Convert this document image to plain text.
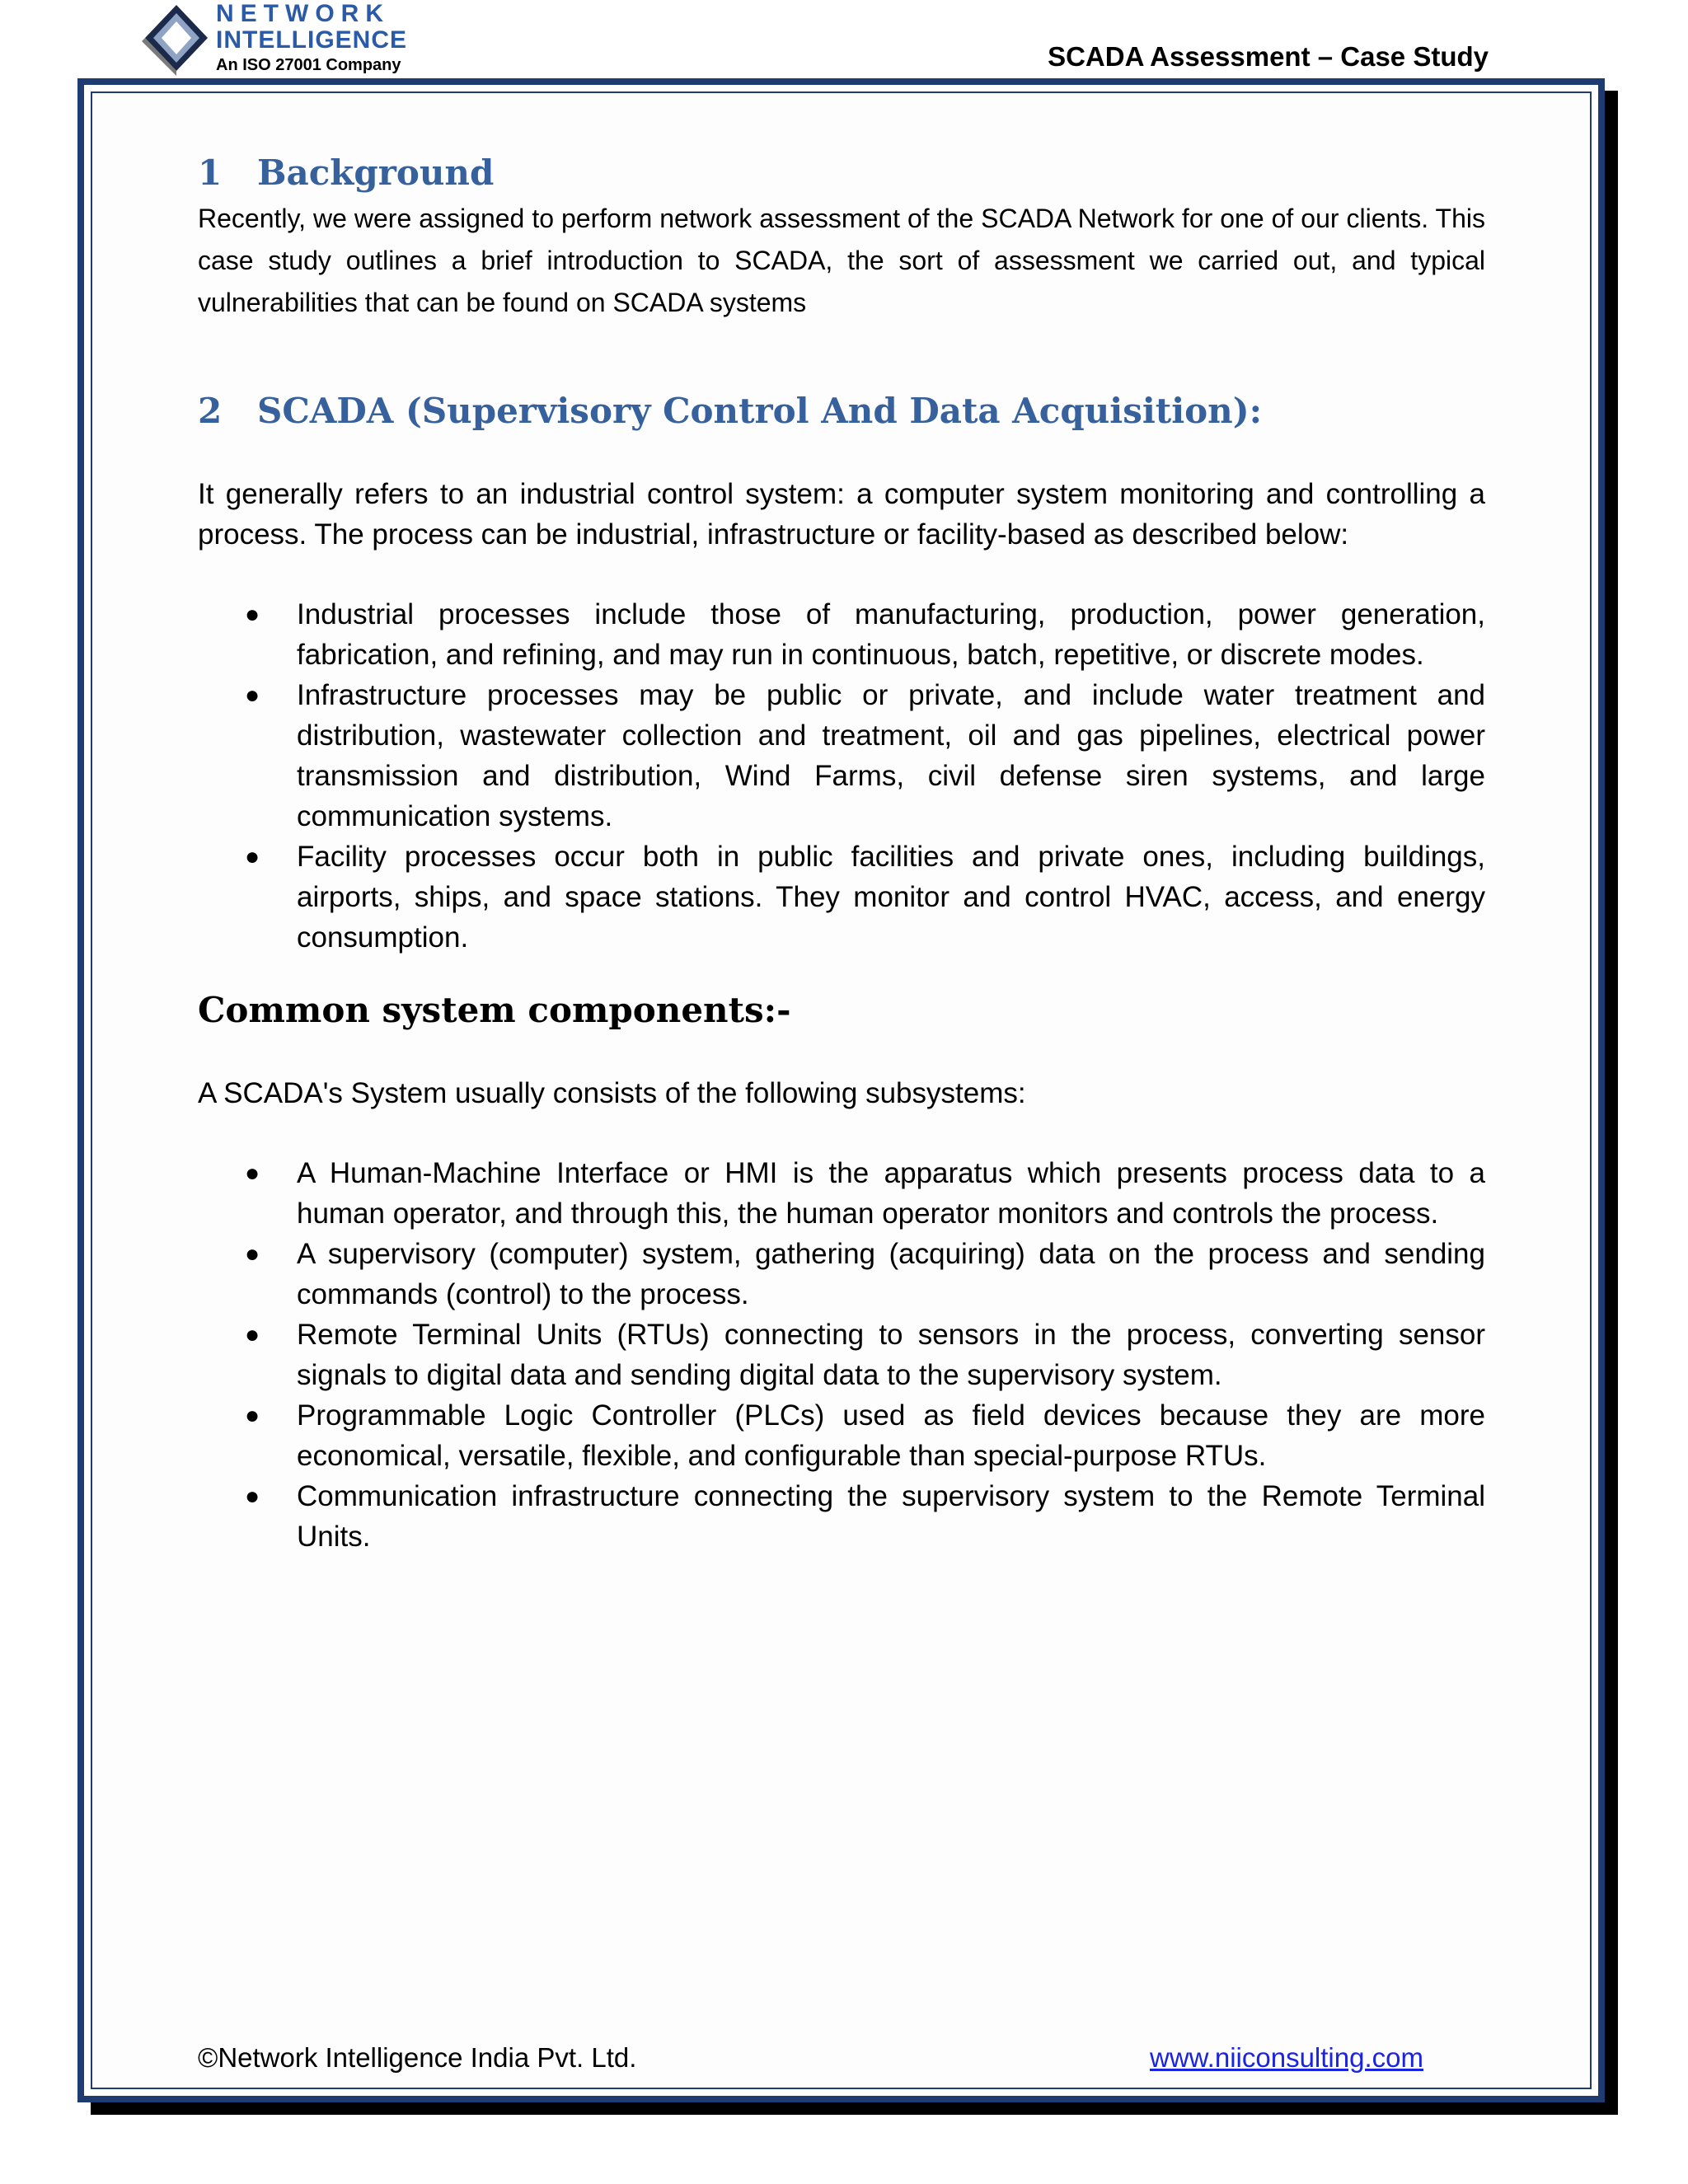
NETWORK
INTELLIGENCE
An ISO 27001 Company	SCADA Assessment – Case Study
1 Background

Recently, we were assigned to perform network assessment of the SCADA Network for one of our clients. This case study outlines a brief introduction to SCADA, the sort of assessment we carried out, and typical vulnerabilities that can be found on SCADA systems

2 SCADA (Supervisory Control And Data Acquisition):

It generally refers to an industrial control system: a computer system monitoring and controlling a process. The process can be industrial, infrastructure or facility-based as described below:

● Industrial processes include those of manufacturing, production, power generation, fabrication, and refining, and may run in continuous, batch, repetitive, or discrete modes.
● Infrastructure processes may be public or private, and include water treatment and distribution, wastewater collection and treatment, oil and gas pipelines, electrical power transmission and distribution, Wind Farms, civil defense siren systems, and large communication systems.
● Facility processes occur both in public facilities and private ones, including buildings, airports, ships, and space stations. They monitor and control HVAC, access, and energy consumption.
Common system components:-

A SCADA's System usually consists of the following subsystems:

● A Human-Machine Interface or HMI is the apparatus which presents process data to a human operator, and through this, the human operator monitors and controls the process.
● A supervisory (computer) system, gathering (acquiring) data on the process and sending commands (control) to the process.
● Remote Terminal Units (RTUs) connecting to sensors in the process, converting sensor signals to digital data and sending digital data to the supervisory system.
● Programmable Logic Controller (PLCs) used as field devices because they are more economical, versatile, flexible, and configurable than special-purpose RTUs.
● Communication infrastructure connecting the supervisory system to the Remote Terminal Units.
©Network Intelligence India Pvt. Ltd.	www.niiconsulting.com
